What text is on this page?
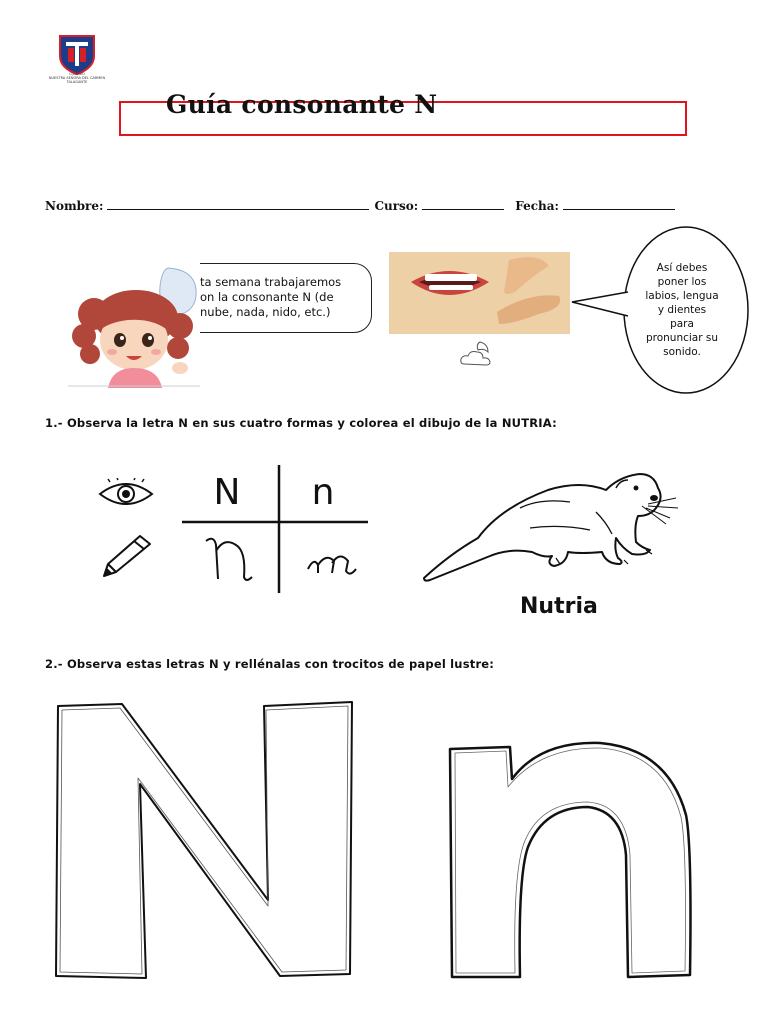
COLEGIO
NUESTRA SEÑORA DEL CARMEN
TALAGANTE
Guía consonante N
Nombre:	Curso:	Fecha:
ta semana trabajaremos
on la consonante N (de
nube, nada, nido, etc.)
Así debes
poner los
labios, lengua
y dientes
para
pronunciar su
sonido.
1.- Observa la letra N en sus cuatro formas y colorea el dibujo de la NUTRIA:
N n
Nutria
2.- Observa estas letras N y rellénalas con trocitos de papel lustre:
